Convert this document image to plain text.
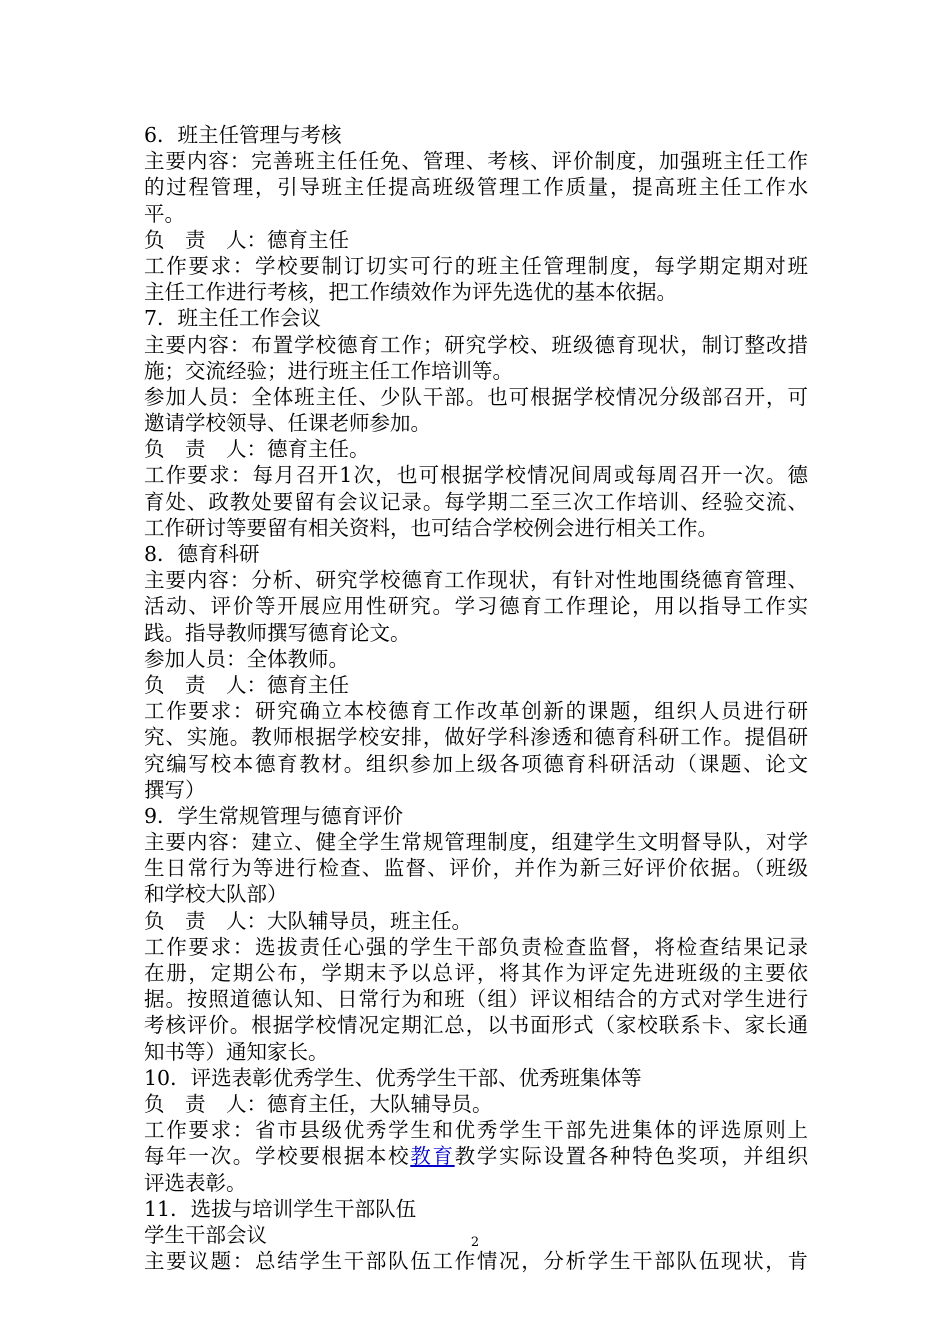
6．班主任管理与考核
主要内容：完善班主任任免、管理、考核、评价制度，加强班主任工作
的过程管理，引导班主任提高班级管理工作质量，提高班主任工作水
平。
负　责　人：德育主任
工作要求：学校要制订切实可行的班主任管理制度，每学期定期对班
主任工作进行考核，把工作绩效作为评先选优的基本依据。
7．班主任工作会议
主要内容：布置学校德育工作；研究学校、班级德育现状，制订整改措
施；交流经验；进行班主任工作培训等。
参加人员：全体班主任、少队干部。也可根据学校情况分级部召开，可
邀请学校领导、任课老师参加。
负　责　人：德育主任。
工作要求：每月召开1次，也可根据学校情况间周或每周召开一次。德
育处、政教处要留有会议记录。每学期二至三次工作培训、经验交流、
工作研讨等要留有相关资料，也可结合学校例会进行相关工作。
8．德育科研
主要内容：分析、研究学校德育工作现状，有针对性地围绕德育管理、
活动、评价等开展应用性研究。学习德育工作理论，用以指导工作实
践。指导教师撰写德育论文。
参加人员：全体教师。
负　责　人：德育主任
工作要求：研究确立本校德育工作改革创新的课题，组织人员进行研
究、实施。教师根据学校安排，做好学科渗透和德育科研工作。提倡研
究编写校本德育教材。组织参加上级各项德育科研活动（课题、论文
撰写）
9．学生常规管理与德育评价
主要内容：建立、健全学生常规管理制度，组建学生文明督导队，对学
生日常行为等进行检查、监督、评价，并作为新三好评价依据。（班级
和学校大队部）
负　责　人：大队辅导员，班主任。
工作要求：选拔责任心强的学生干部负责检查监督，将检查结果记录
在册，定期公布，学期末予以总评，将其作为评定先进班级的主要依
据。按照道德认知、日常行为和班（组）评议相结合的方式对学生进行
考核评价。根据学校情况定期汇总，以书面形式（家校联系卡、家长通
知书等）通知家长。
10．评选表彰优秀学生、优秀学生干部、优秀班集体等
负　责　人：德育主任，大队辅导员。
工作要求：省市县级优秀学生和优秀学生干部先进集体的评选原则上
每年一次。学校要根据本校教育教学实际设置各种特色奖项，并组织
评选表彰。
11．选拔与培训学生干部队伍
学生干部会议
主要议题：总结学生干部队伍工作情况，分析学生干部队伍现状，肯
2
